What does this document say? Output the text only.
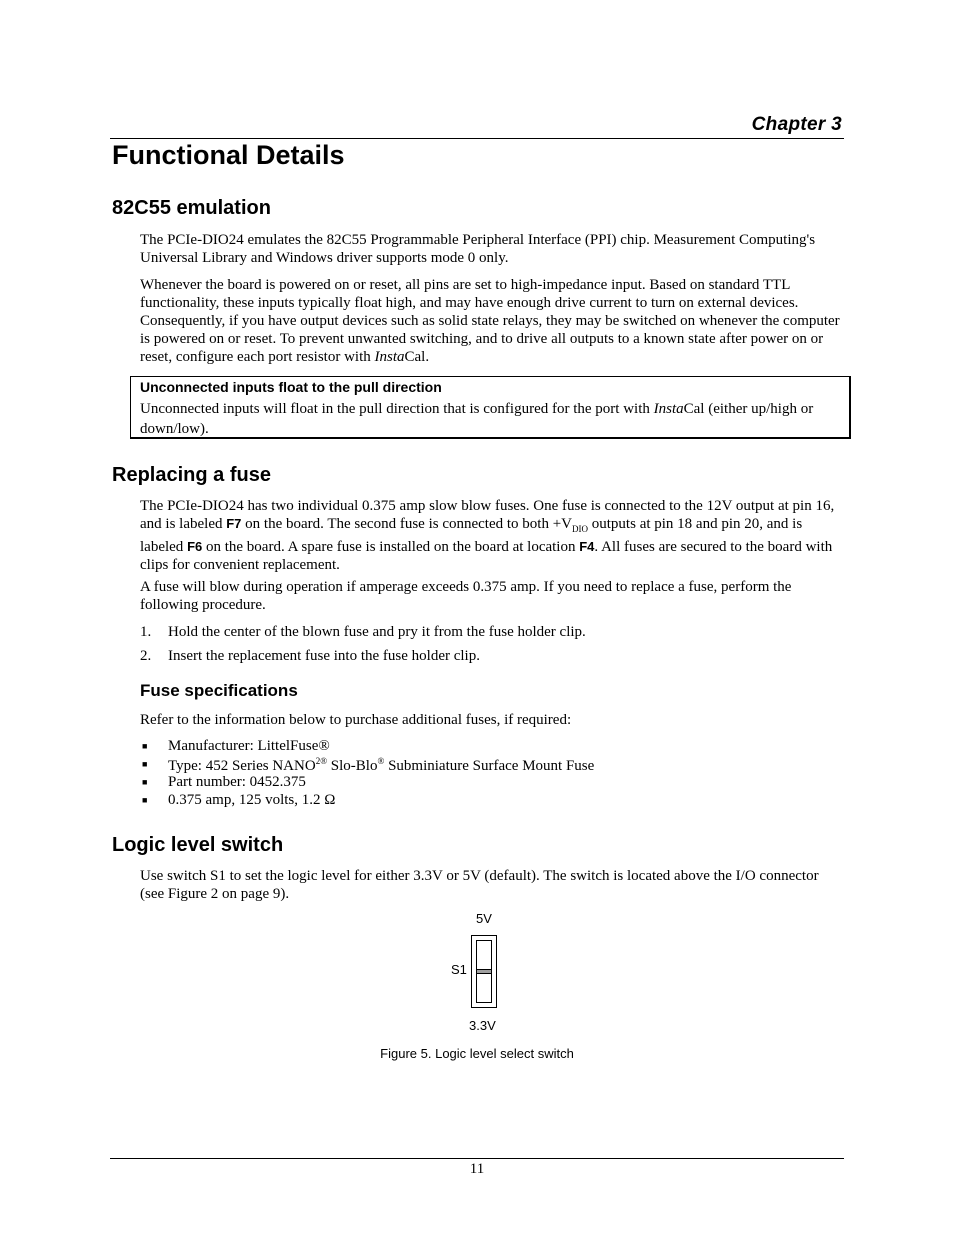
Chapter 3
Functional Details
82C55 emulation

The PCIe-DIO24 emulates the 82C55 Programmable Peripheral Interface (PPI) chip. Measurement Computing's Universal Library and Windows driver supports mode 0 only.

Whenever the board is powered on or reset, all pins are set to high-impedance input. Based on standard TTL functionality, these inputs typically float high, and may have enough drive current to turn on external devices. Consequently, if you have output devices such as solid state relays, they may be switched on whenever the computer is powered on or reset. To prevent unwanted switching, and to drive all outputs to a known state after power on or reset, configure each port resistor with InstaCal.

Unconnected inputs float to the pull direction
Unconnected inputs will float in the pull direction that is configured for the port with InstaCal (either up/high or down/low).
Replacing a fuse

The PCIe-DIO24 has two individual 0.375 amp slow blow fuses. One fuse is connected to the 12V output at pin 16, and is labeled F7 on the board. The second fuse is connected to both $+V_{DIO}$ outputs at pin 18 and pin 20, and is labeled F6 on the board. A spare fuse is installed on the board at location F4. All fuses are secured to the board with clips for convenient replacement.

A fuse will blow during operation if amperage exceeds 0.375 amp. If you need to replace a fuse, perform the following procedure.

1. Hold the center of the blown fuse and pry it from the fuse holder clip.
2. Insert the replacement fuse into the fuse holder clip.
Fuse specifications

Refer to the information below to purchase additional fuses, if required:

■ Manufacturer: LittelFuse®
■ Type: 452 Series $NANO^{2®}$ Slo-Blo® Subminiature Surface Mount Fuse
■ Part number: 0452.375
■ 0.375 amp, 125 volts, 1.2 Ω
Logic level switch

Use switch S1 to set the logic level for either 3.3V or 5V (default). The switch is located above the I/O connector (see Figure 2 on page 9).

5V
S1
3.3V
Figure 5. Logic level select switch
11
